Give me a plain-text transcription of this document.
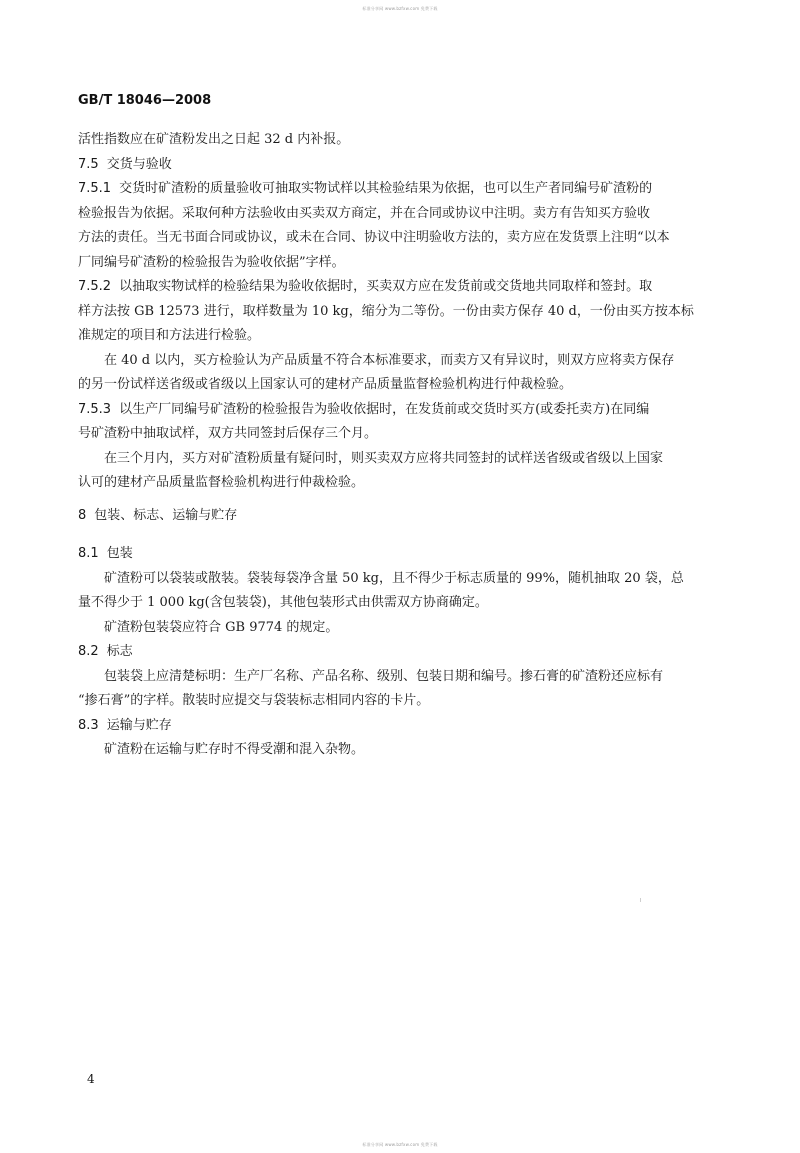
标准分享网 www.bzfxw.com 免费下载
GB/T 18046—2008
活性指数应在矿渣粉发出之日起 32 d 内补报。
7.5 交货与验收
7.5.1 交货时矿渣粉的质量验收可抽取实物试样以其检验结果为依据，也可以生产者同编号矿渣粉的
检验报告为依据。采取何种方法验收由买卖双方商定，并在合同或协议中注明。卖方有告知买方验收
方法的责任。当无书面合同或协议，或未在合同、协议中注明验收方法的，卖方应在发货票上注明“以本
厂同编号矿渣粉的检验报告为验收依据”字样。
7.5.2 以抽取实物试样的检验结果为验收依据时，买卖双方应在发货前或交货地共同取样和签封。取
样方法按 GB 12573 进行，取样数量为 10 kg，缩分为二等份。一份由卖方保存 40 d，一份由买方按本标
准规定的项目和方法进行检验。
在 40 d 以内，买方检验认为产品质量不符合本标准要求，而卖方又有异议时，则双方应将卖方保存
的另一份试样送省级或省级以上国家认可的建材产品质量监督检验机构进行仲裁检验。
7.5.3 以生产厂同编号矿渣粉的检验报告为验收依据时，在发货前或交货时买方(或委托卖方)在同编
号矿渣粉中抽取试样，双方共同签封后保存三个月。
在三个月内，买方对矿渣粉质量有疑问时，则买卖双方应将共同签封的试样送省级或省级以上国家
认可的建材产品质量监督检验机构进行仲裁检验。
8 包装、标志、运输与贮存
8.1 包装
矿渣粉可以袋装或散装。袋装每袋净含量 50 kg，且不得少于标志质量的 99%，随机抽取 20 袋，总
量不得少于 1 000 kg(含包装袋)，其他包装形式由供需双方协商确定。
矿渣粉包装袋应符合 GB 9774 的规定。
8.2 标志
包装袋上应清楚标明：生产厂名称、产品名称、级别、包装日期和编号。掺石膏的矿渣粉还应标有
“掺石膏”的字样。散装时应提交与袋装标志相同内容的卡片。
8.3 运输与贮存
矿渣粉在运输与贮存时不得受潮和混入杂物。
4
标准分享网 www.bzfxw.com 免费下载
